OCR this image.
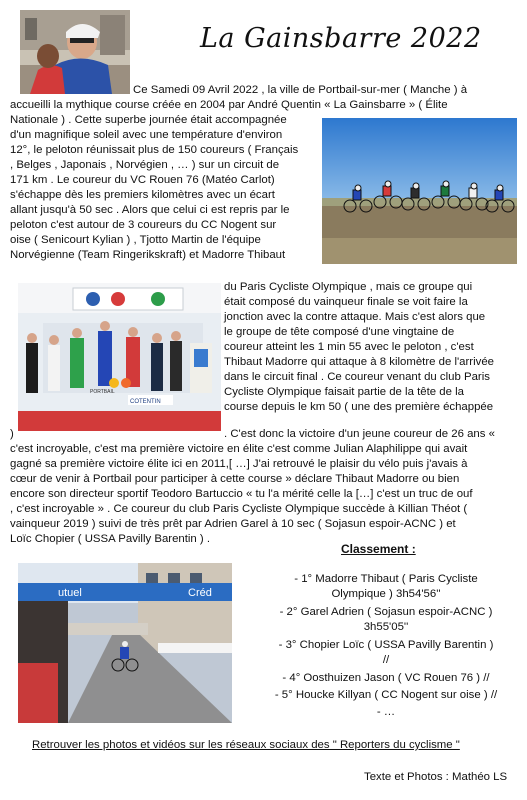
La Gainsbarre 2022
Ce Samedi 09 Avril 2022 , la ville de Portbail-sur-mer ( Manche ) à
accueilli la mythique course créée en 2004 par André Quentin « La Gainsbarre » ( Élite
Nationale ) . Cette superbe journée était accompagnée
d'un magnifique soleil avec une température d'environ
12°, le peloton réunissait plus de 150 coureurs ( Français
, Belges , Japonais , Norvégien , … ) sur un circuit de
171 km . Le coureur du VC Rouen 76 (Matéo Carlot)
s'échappe dès les premiers kilomètres avec un écart
allant jusqu'à 50 sec . Alors que celui ci est repris par le
peloton c'est autour de 3 coureurs du CC Nogent sur
oise ( Senicourt Kylian ) , Tjotto Martin de l'équipe
Norvégienne (Team Ringerikskraft) et Madorre Thibaut
COTENTIN
PORTBAIL
du Paris Cycliste Olympique , mais ce groupe qui
était composé du vainqueur finale se voit faire la
jonction avec la contre attaque. Mais c'est alors que
le groupe de tête composé d'une vingtaine de
coureur atteint les 1 min 55 avec le peloton , c'est
Thibaut Madorre qui attaque à 8 kilomètre de l'arrivée
dans le circuit final . Ce coureur venant du club Paris
Cycliste Olympique faisait partie de la tête de la
course depuis le km 50 ( une des première échappée
)	. C'est donc la victoire d'un jeune coureur de 26 ans «
c'est incroyable, c'est ma première victoire en élite c'est comme Julian Alaphilippe qui avait
gagné sa première victoire élite ici en 2011,[ …] J'ai retrouvé le plaisir du vélo puis j'avais à
cœur de venir à Portbail pour participer à cette course » déclare Thibaut Madorre ou bien
encore son directeur sportif Teodoro Bartuccio « tu l'a mérité celle la […] c'est un truc de ouf
, c'est incroyable » . Ce coureur du club Paris Cycliste Olympique succède à Killian Théot (
vainqueur 2019 ) suivi de très prêt par Adrien Garel à 10 sec ( Sojasun espoir-ACNC ) et
Loïc Chopier ( USSA Pavilly Barentin ) .
Classement :
utuel	Créd
- 1° Madorre Thibaut ( Paris Cycliste
Olympique ) 3h54'56''
- 2° Garel Adrien ( Sojasun espoir-ACNC )
3h55'05''
- 3° Chopier Loïc ( USSA Pavilly Barentin )
//
- 4° Oosthuizen Jason ( VC Rouen 76 ) //
- 5° Houcke Killyan ( CC Nogent sur oise ) //
- …
Retrouver les photos et vidéos sur les réseaux sociaux des " Reporters du cyclisme "
Texte et Photos : Mathéo LS
